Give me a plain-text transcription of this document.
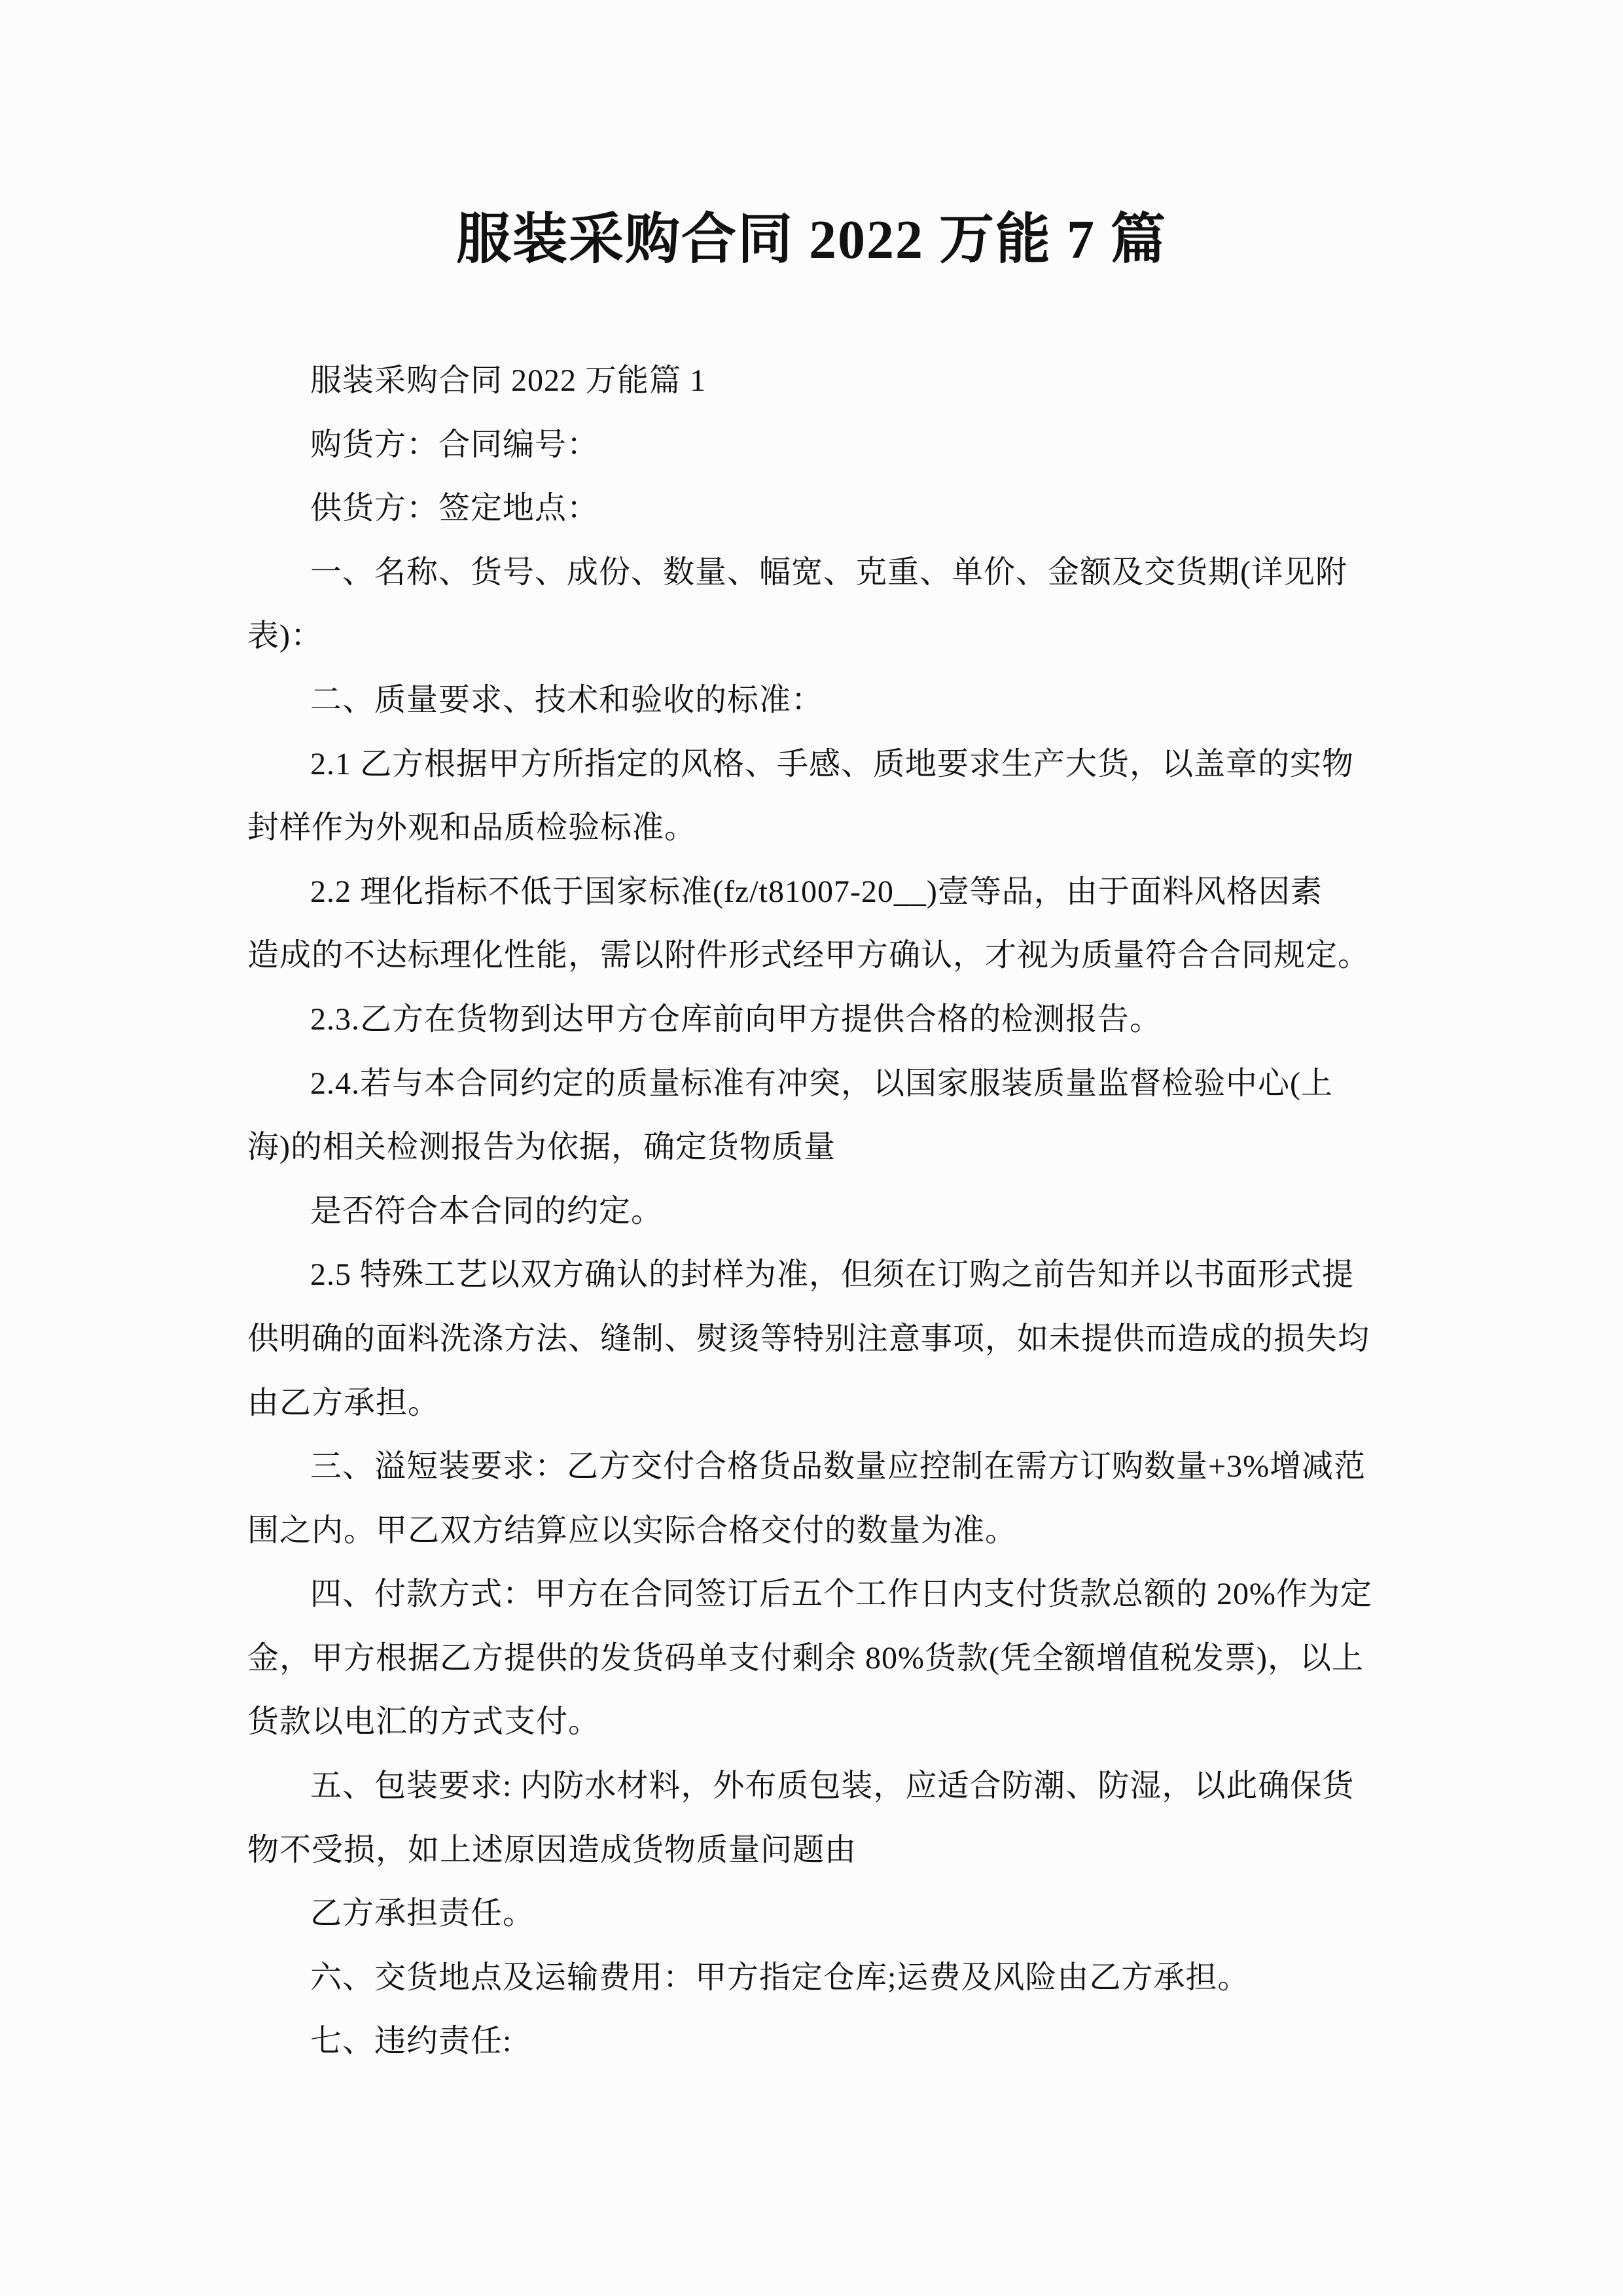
服装采购合同 2022 万能 7 篇
服装采购合同 2022 万能篇 1
购货方：合同编号：
供货方：签定地点：
一、名称、货号、成份、数量、幅宽、克重、单价、金额及交货期(详见附
表)：
二、质量要求、技术和验收的标准：
2.1 乙方根据甲方所指定的风格、手感、质地要求生产大货，以盖章的实物
封样作为外观和品质检验标准。
2.2 理化指标不低于国家标准(fz/t81007-20__)壹等品，由于面料风格因素
造成的不达标理化性能，需以附件形式经甲方确认，才视为质量符合合同规定。
2.3.乙方在货物到达甲方仓库前向甲方提供合格的检测报告。
2.4.若与本合同约定的质量标准有冲突，以国家服装质量监督检验中心(上
海)的相关检测报告为依据，确定货物质量
是否符合本合同的约定。
2.5 特殊工艺以双方确认的封样为准，但须在订购之前告知并以书面形式提
供明确的面料洗涤方法、缝制、熨烫等特别注意事项，如未提供而造成的损失均
由乙方承担。
三、溢短装要求：乙方交付合格货品数量应控制在需方订购数量+3%增减范
围之内。甲乙双方结算应以实际合格交付的数量为准。
四、付款方式：甲方在合同签订后五个工作日内支付货款总额的 20%作为定
金，甲方根据乙方提供的发货码单支付剩余 80%货款(凭全额增值税发票)，以上
货款以电汇的方式支付。
五、包装要求: 内防水材料，外布质包装，应适合防潮、防湿，以此确保货
物不受损，如上述原因造成货物质量问题由
乙方承担责任。
六、交货地点及运输费用：甲方指定仓库;运费及风险由乙方承担。
七、违约责任:
